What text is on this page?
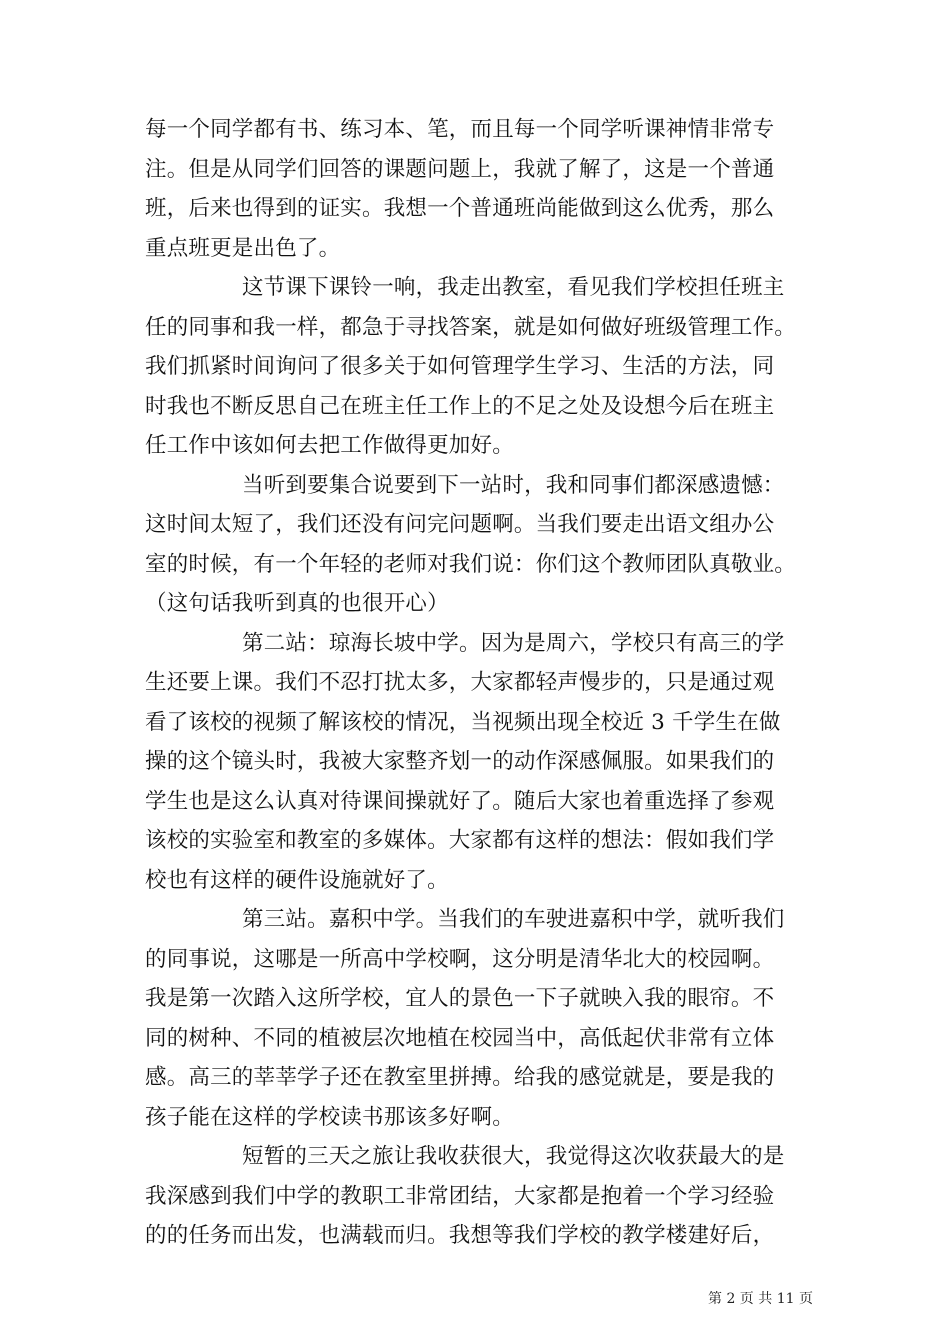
每一个同学都有书、练习本、笔，而且每一个同学听课神情非常专
注。但是从同学们回答的课题问题上，我就了解了，这是一个普通
班，后来也得到的证实。我想一个普通班尚能做到这么优秀，那么
重点班更是出色了。
这节课下课铃一响，我走出教室，看见我们学校担任班主
任的同事和我一样，都急于寻找答案，就是如何做好班级管理工作。
我们抓紧时间询问了很多关于如何管理学生学习、生活的方法，同
时我也不断反思自己在班主任工作上的不足之处及设想今后在班主
任工作中该如何去把工作做得更加好。
当听到要集合说要到下一站时，我和同事们都深感遗憾：
这时间太短了，我们还没有问完问题啊。当我们要走出语文组办公
室的时候，有一个年轻的老师对我们说：你们这个教师团队真敬业。
（这句话我听到真的也很开心）
第二站：琼海长坡中学。因为是周六，学校只有高三的学
生还要上课。我们不忍打扰太多，大家都轻声慢步的，只是通过观
看了该校的视频了解该校的情况，当视频出现全校近 3 千学生在做
操的这个镜头时，我被大家整齐划一的动作深感佩服。如果我们的
学生也是这么认真对待课间操就好了。随后大家也着重选择了参观
该校的实验室和教室的多媒体。大家都有这样的想法：假如我们学
校也有这样的硬件设施就好了。
第三站。嘉积中学。当我们的车驶进嘉积中学，就听我们
的同事说，这哪是一所高中学校啊，这分明是清华北大的校园啊。
我是第一次踏入这所学校，宜人的景色一下子就映入我的眼帘。不
同的树种、不同的植被层次地植在校园当中，高低起伏非常有立体
感。高三的莘莘学子还在教室里拼搏。给我的感觉就是，要是我的
孩子能在这样的学校读书那该多好啊。
短暂的三天之旅让我收获很大，我觉得这次收获最大的是
我深感到我们中学的教职工非常团结，大家都是抱着一个学习经验
的的任务而出发，也满载而归。我想等我们学校的教学楼建好后，
第 2 页 共 11 页
